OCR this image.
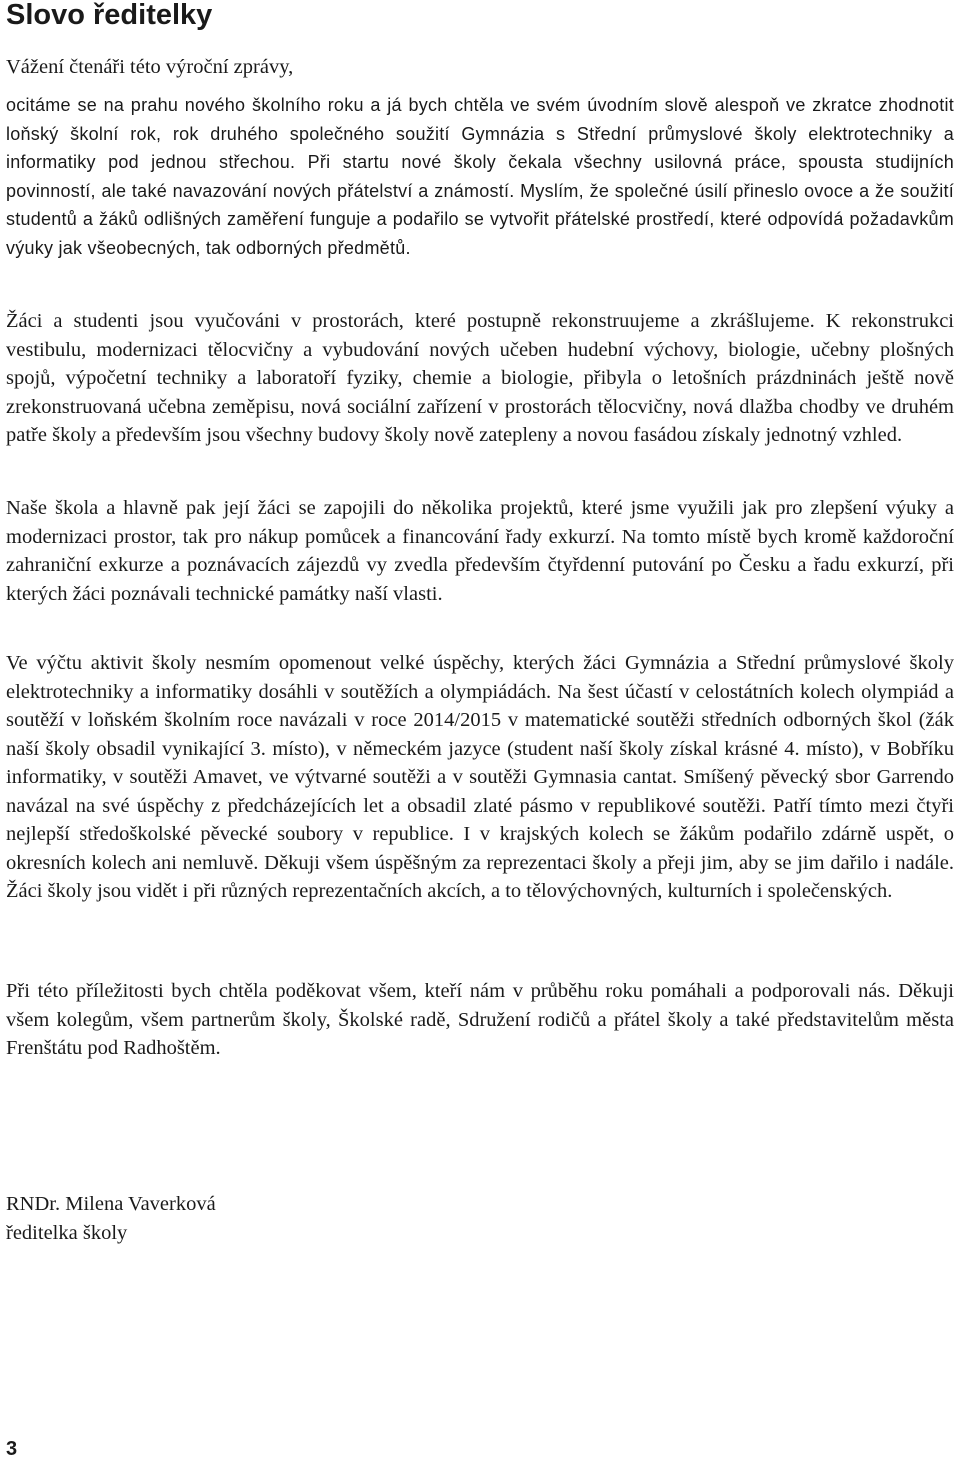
Slovo ředitelky
Vážení čtenáři této výroční zprávy,

ocitáme se na prahu nového školního roku a já bych chtěla ve svém úvodním slově alespoň ve zkratce zhodnotit loňský školní rok, rok druhého společného soužití Gymnázia s Střední průmyslové školy elektrotechniky a informatiky pod jednou střechou. Při startu nové školy čekala všechny usilovná práce, spousta studijních povinností, ale také navazování nových přátelství a známostí. Myslím, že společné úsilí přineslo ovoce a že soužití studentů a žáků odlišných zaměření funguje a podařilo se vytvořit přátelské prostředí, které odpovídá požadavkům výuky jak všeobecných, tak odborných předmětů.

Žáci a studenti jsou vyučováni v prostorách, které postupně rekonstruujeme a zkrášlujeme. K rekonstrukci vestibulu, modernizaci tělocvičny a vybudování nových učeben hudební výchovy, biologie, učebny plošných spojů, výpočetní techniky a laboratoří fyziky, chemie a biologie, přibyla o letošních prázdninách ještě nově zrekonstruovaná učebna zeměpisu, nová sociální zařízení v prostorách tělocvičny, nová dlažba chodby ve druhém patře školy a především jsou všechny budovy školy nově zatepleny a novou fasádou získaly jednotný vzhled.

Naše škola a hlavně pak její žáci se zapojili do několika projektů, které jsme využili jak pro zlepšení výuky a modernizaci prostor, tak pro nákup pomůcek a financování řady exkurzí. Na tomto místě bych kromě každoroční zahraniční exkurze a poznávacích zájezdů vy zvedla především čtyřdenní putování po Česku a řadu exkurzí, při kterých žáci poznávali technické památky naší vlasti.

Ve výčtu aktivit školy nesmím opomenout velké úspěchy, kterých žáci Gymnázia a Střední průmyslové školy elektrotechniky a informatiky dosáhli v soutěžích a olympiádách. Na šest účastí v celostátních kolech olympiád a soutěží v loňském školním roce navázali v roce 2014/2015 v matematické soutěži středních odborných škol (žák naší školy obsadil vynikající 3. místo), v německém jazyce (student naší školy získal krásné 4. místo), v Bobříku informatiky, v soutěži Amavet, ve výtvarné soutěži a v soutěži Gymnasia cantat. Smíšený pěvecký sbor Garrendo navázal na své úspěchy z předcházejících let a obsadil zlaté pásmo v republikové soutěži. Patří tímto mezi čtyři nejlepší středoškolské pěvecké soubory v republice. I v krajských kolech se žákům podařilo zdárně uspět, o okresních kolech ani nemluvě. Děkuji všem úspěšným za reprezentaci školy a přeji jim, aby se jim dařilo i nadále. Žáci školy jsou vidět i při různých reprezentačních akcích, a to tělovýchovných, kulturních i společenských.

Při této příležitosti bych chtěla poděkovat všem, kteří nám v průběhu roku pomáhali a podporovali nás. Děkuji všem kolegům, všem partnerům školy, Školské radě, Sdružení rodičů a přátel školy a také představitelům města Frenštátu pod Radhoštěm.

RNDr. Milena Vaverková
ředitelka školy
3
